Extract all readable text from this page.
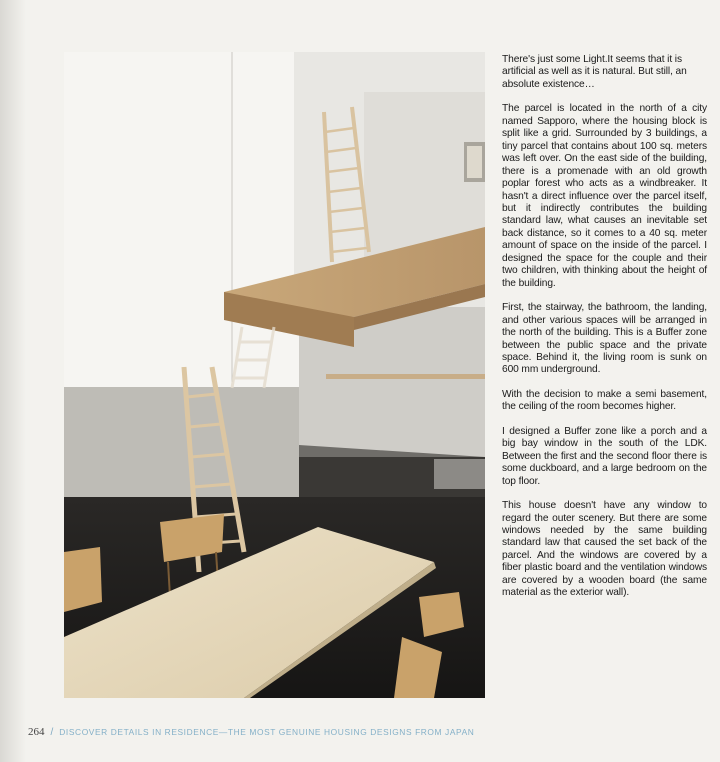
There's just some Light.It seems that it is artificial as well as it is natural. But still, an absolute existence…

The parcel is located in the north of a city named Sapporo, where the housing block is split like a grid. Surrounded by 3 buildings, a tiny parcel that contains about 100 sq. meters was left over. On the east side of the building, there is a promenade with an old growth poplar forest who acts as a windbreaker. It hasn't a direct influence over the parcel itself, but it indirectly contributes the building standard law, what causes an inevitable set back distance, so it comes to a 40 sq. meter amount of space on the inside of the parcel. I designed the space for the couple and their two children, with thinking about the height of the building.

First, the stairway, the bathroom, the landing, and other various spaces will be arranged in the north of the building. This is a Buffer zone between the public space and the private space. Behind it, the living room is sunk on 600 mm underground.

With the decision to make a semi basement, the ceiling of the room becomes higher.

I designed a Buffer zone like a porch and a big bay window in the south of the LDK. Between the first and the second floor there is some duckboard, and a large bedroom on the top floor.

This house doesn't have any window to regard the outer scenery. But there are some windows needed by the same building standard law that caused the set back of the parcel. And the windows are covered by a fiber plastic board and the ventilation windows are covered by a wooden board (the same material as the exterior wall).

264 / DISCOVER DETAILS IN RESIDENCE—THE MOST GENUINE HOUSING DESIGNS FROM JAPAN
